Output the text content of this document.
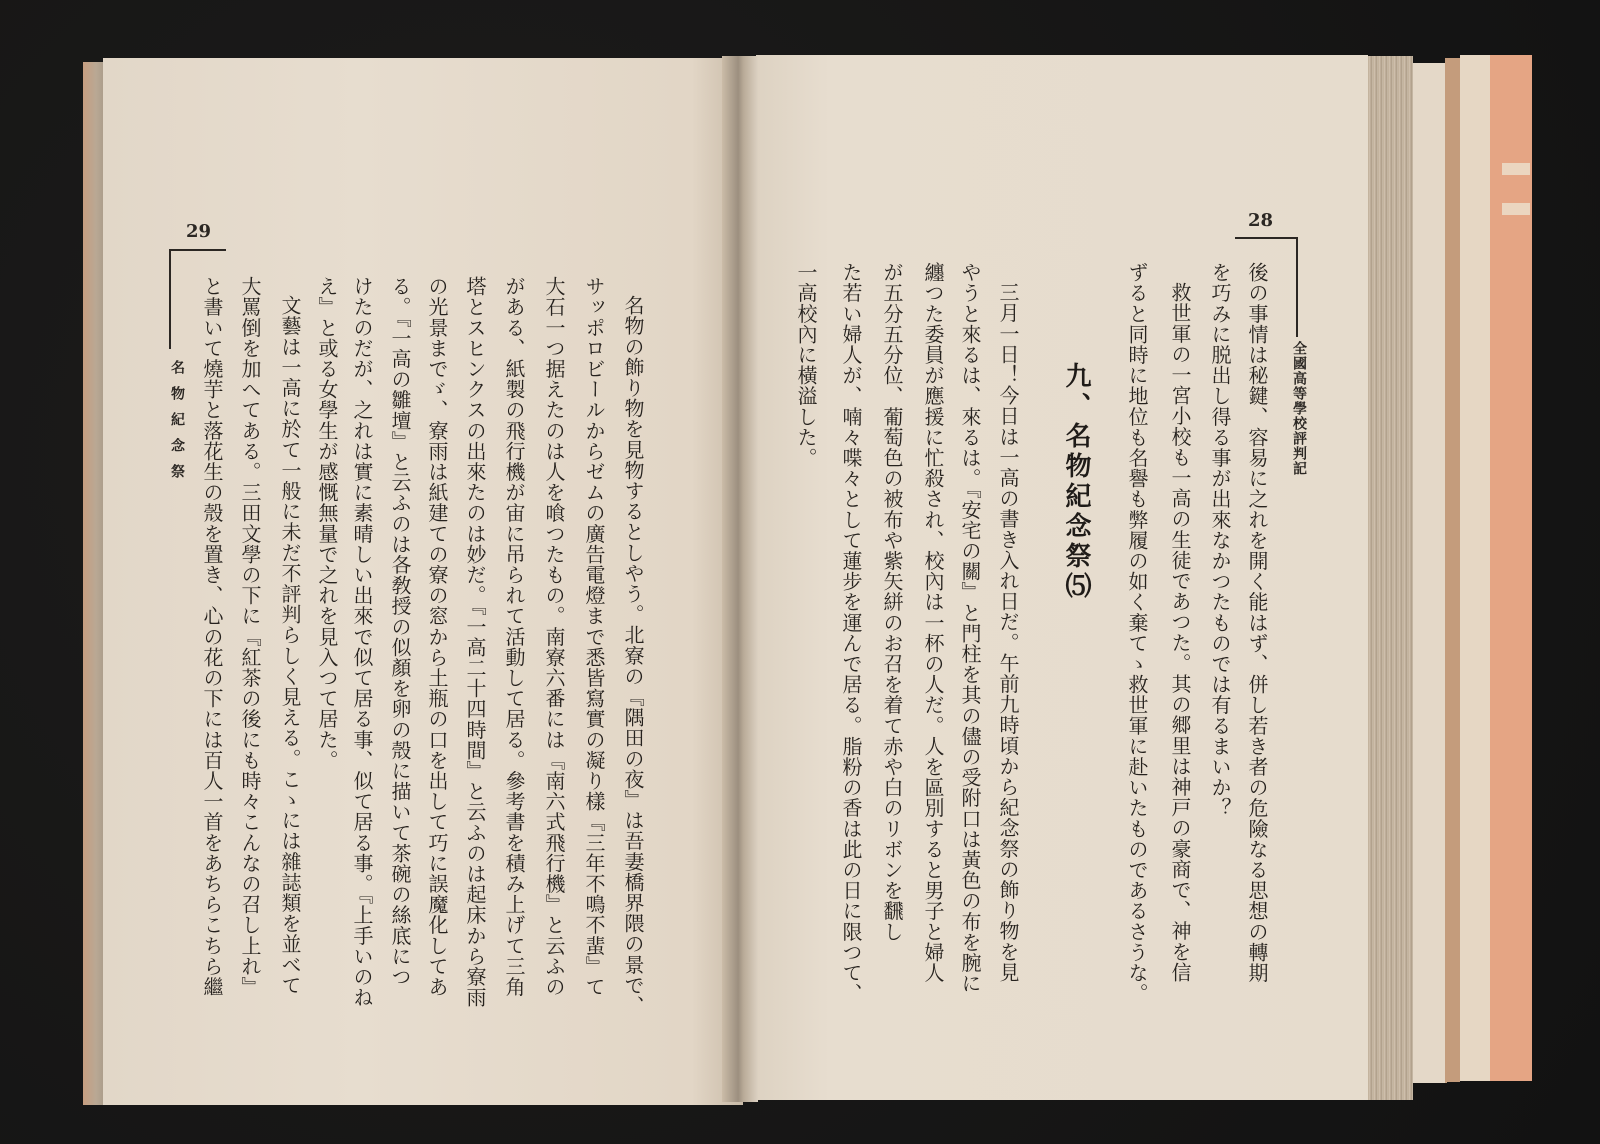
28
全國高等學校評判記
九、名物紀念祭⑸	後の事情は秘鍵、容易に之れを開く能はず、併し若き者の危險なる思想の轉期
を巧みに脱出し得る事が出來なかつたものでは有るまいか？
救世軍の一宮小校も一高の生徒であつた。其の郷里は神戸の豪商で、神を信
ずると同時に地位も名譽も弊履の如く棄てゝ救世軍に赴いたものであるさうな。
三月一日！今日は一高の書き入れ日だ。午前九時頃から紀念祭の飾り物を見
やうと來るは、來るは。『安宅の關』と門柱を其の儘の受附口は黃色の布を腕に
纏つた委員が應援に忙殺され、校內は一杯の人だ。人を區別すると男子と婦人
が五分五分位、葡萄色の被布や紫矢絣のお召を着て赤や白のリボンを飜し
た若い婦人が、喃々喋々として蓮步を運んで居る。脂粉の香は此の日に限つて、
一高校內に橫溢した。
29
名物紀念祭	名物の飾り物を見物するとしやう。北寮の『隅田の夜』は吾妻橋界隈の景で、
サッポロビールからゼムの廣告電燈まで悉皆寫實の凝り樣『三年不鳴不蜚』て
大石一つ据えたのは人を喰つたもの。南寮六番には『南六式飛行機』と云ふの
がある、紙製の飛行機が宙に吊られて活動して居る。參考書を積み上げて三角
塔とスヒンクスの出來たのは妙だ。『一高二十四時間』と云ふのは起床から寮雨
の光景までゞ、寮雨は紙建ての寮の窓から土瓶の口を出して巧に誤魔化してあ
る。『一高の雛壇』と云ふのは各敎授の似顏を卵の殼に描いて茶碗の絲底につ
けたのだが、之れは實に素晴しい出來で似て居る事、似て居る事。『上手いのね
え』と或る女學生が感慨無量で之れを見入つて居た。
文藝は一高に於て一般に未だ不評判らしく見える。こゝには雜誌類を並べて
大罵倒を加へてある。三田文學の下に『紅茶の後にも時々こんなの召し上れ』
と書いて燒芋と落花生の殼を置き、心の花の下には百人一首をあちらこちら繼
